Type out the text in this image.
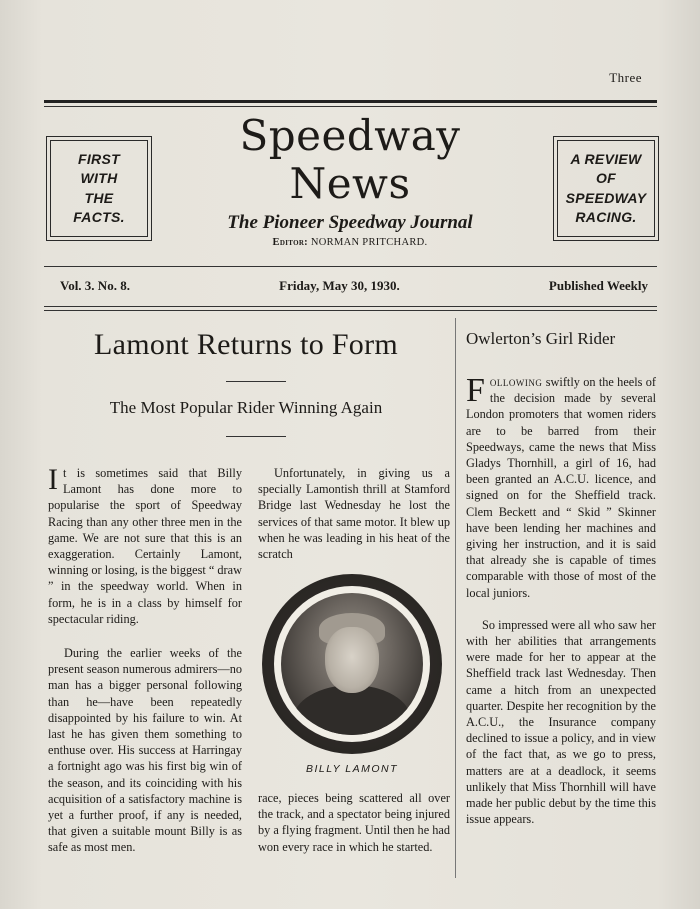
Three
FIRST
WITH
THE
FACTS.
Speedway
News
The Pioneer Speedway Journal
Editor: NORMAN PRITCHARD.
A REVIEW
OF
SPEEDWAY
RACING.
Vol. 3. No. 8.	Friday, May 30, 1930.	Published Weekly
Lamont Returns to Form
The Most Popular Rider Winning Again

It is sometimes said that Billy Lamont has done more to popularise the sport of Speedway Racing than any other three men in the game. We are not sure that this is an exaggeration. Certainly Lamont, winning or losing, is the biggest “ draw ” in the speedway world. When in form, he is in a class by himself for spectacular riding.

During the earlier weeks of the present season numerous admirers—no man has a bigger personal following than he—have been repeatedly disappointed by his failure to win. At last he has given them something to enthuse over. His success at Harringay a fortnight ago was his first big win of the season, and its coinciding with his acquisition of a satisfactory machine is yet a further proof, if any is needed, that given a suitable mount Billy is as safe as most men.

Unfortunately, in giving us a specially Lamontish thrill at Stamford Bridge last Wednesday he lost the services of that same motor. It blew up when he was leading in his heat of the scratch

BILLY LAMONT

race, pieces being scattered all over the track, and a spectator being injured by a flying fragment. Until then he had won every race in which he started.

Owlerton’s Girl Rider

Following swiftly on the heels of the decision made by several London promoters that women riders are to be barred from their Speedways, came the news that Miss Gladys Thornhill, a girl of 16, had been granted an A.C.U. licence, and signed on for the Sheffield track. Clem Beckett and “ Skid ” Skinner have been lending her machines and giving her instruction, and it is said that already she is capable of times comparable with those of most of the local juniors.

So impressed were all who saw her with her abilities that arrangements were made for her to appear at the Sheffield track last Wednesday. Then came a hitch from an unexpected quarter. Despite her recognition by the A.C.U., the Insurance company declined to issue a policy, and in view of the fact that, as we go to press, matters are at a deadlock, it seems unlikely that Miss Thornhill will have made her public debut by the time this issue appears.
